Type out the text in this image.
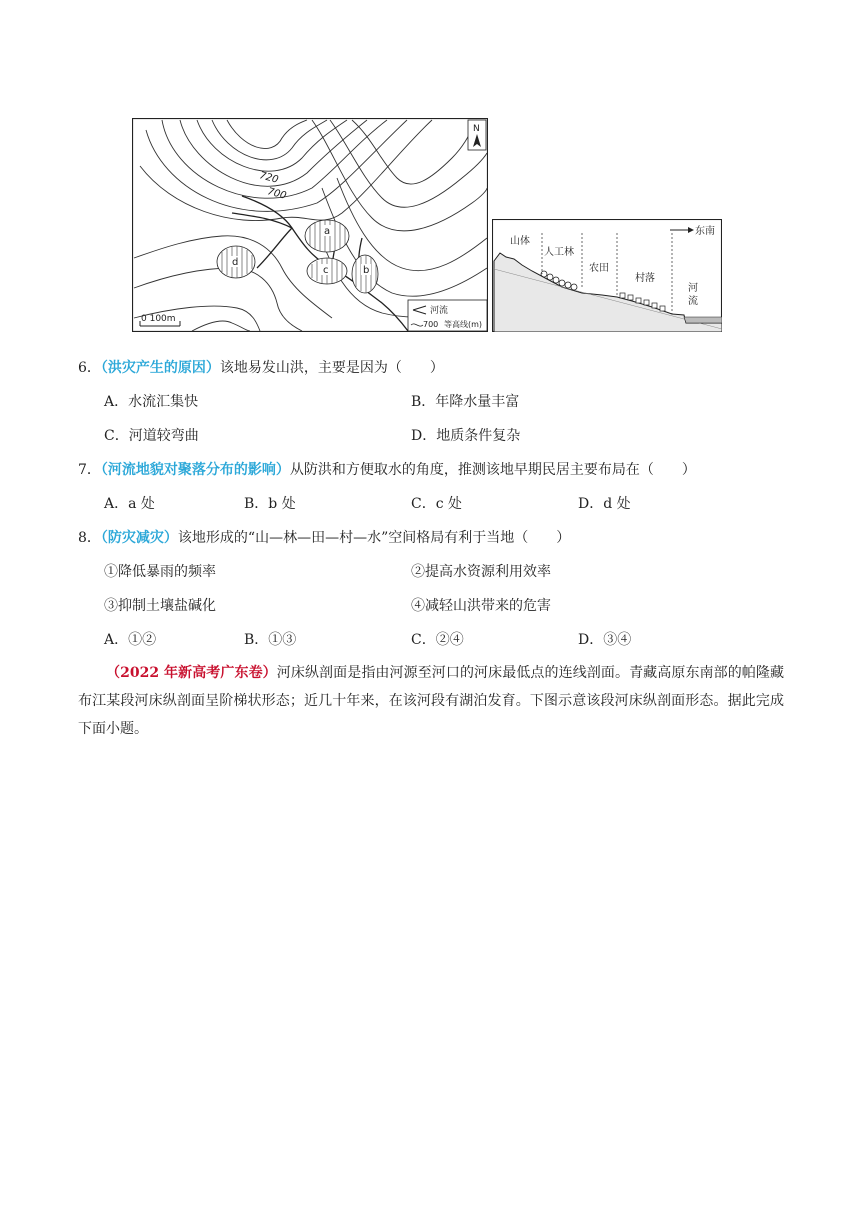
a
b
c
d
720
700
N
0 100m
河流
700 等高线(m)
东南
山体
人工林
农田
村落
河
流
6．（洪灾产生的原因）该地易发山洪，主要是因为（　　）
A．水流汇集快	B．年降水量丰富
C．河道较弯曲	D．地质条件复杂
7．（河流地貌对聚落分布的影响）从防洪和方便取水的角度，推测该地早期民居主要布局在（　　）
A．a 处	B．b 处	C．c 处	D．d 处
8．（防灾减灾）该地形成的“山—林—田—村—水”空间格局有利于当地（　　）
①降低暴雨的频率	②提高水资源利用效率
③抑制土壤盐碱化	④减轻山洪带来的危害
A．①②	B．①③	C．②④	D．③④
（2022 年新高考广东卷）河床纵剖面是指由河源至河口的河床最低点的连线剖面。青藏高原东南部的帕隆藏布江某段河床纵剖面呈阶梯状形态；近几十年来，在该河段有湖泊发育。下图示意该段河床纵剖面形态。据此完成下面小题。
